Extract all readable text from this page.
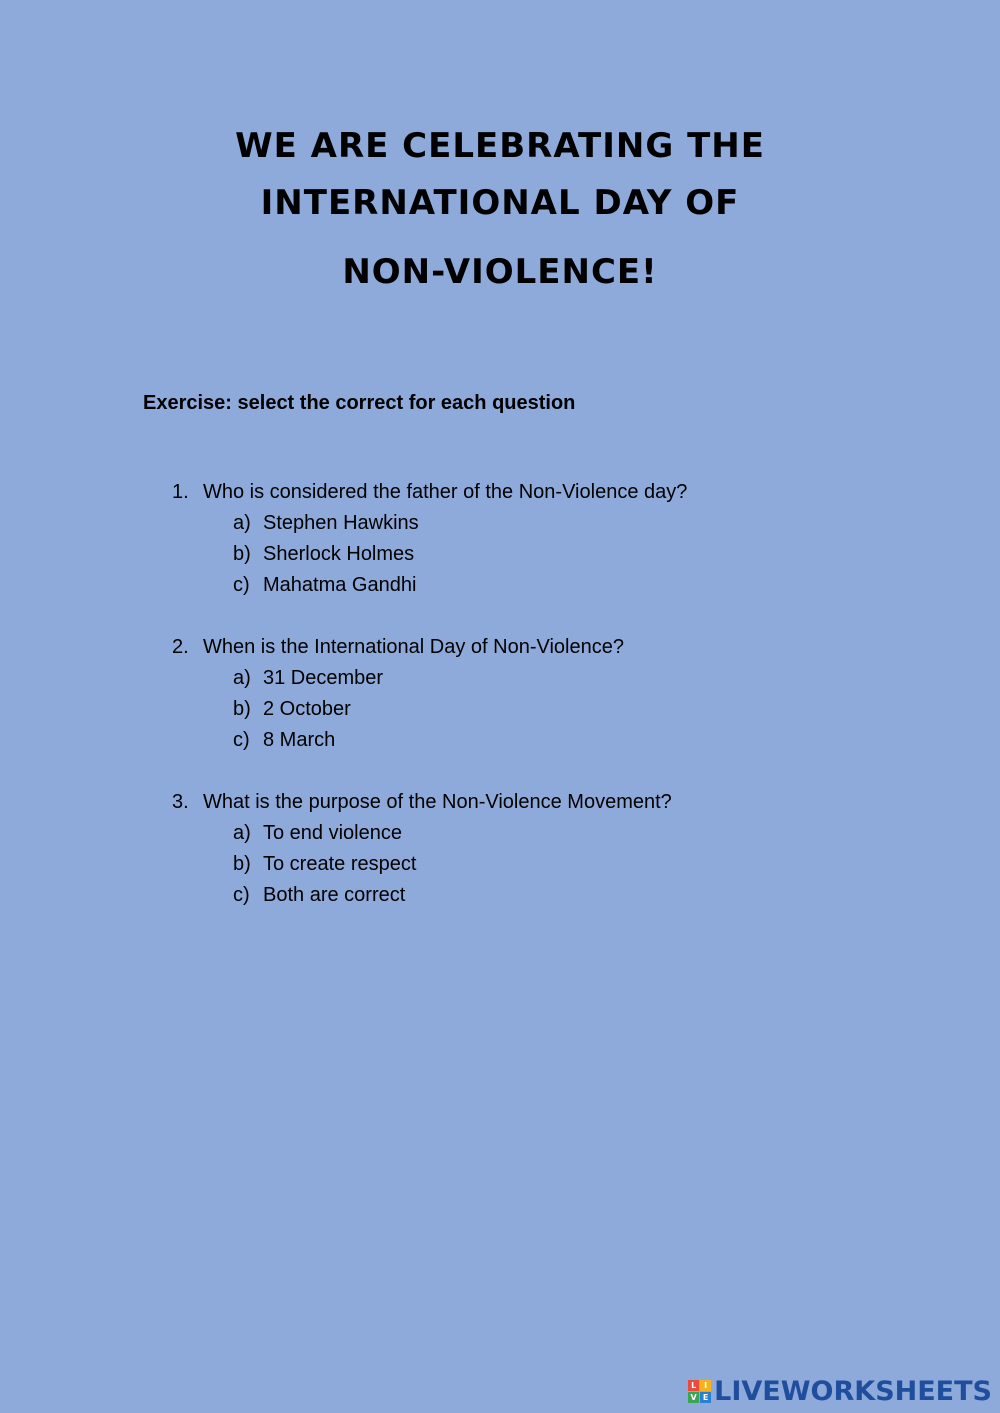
WE ARE CELEBRATING THE
INTERNATIONAL DAY OF
NON-VIOLENCE!

Exercise: select the correct for each question

1. Who is considered the father of the Non-Violence day?
a) Stephen Hawkins
b) Sherlock Holmes
c) Mahatma Gandhi
2. When is the International Day of Non-Violence?
a) 31 December
b) 2 October
c) 8 March
3. What is the purpose of the Non-Violence Movement?
a) To end violence
b) To create respect
c) Both are correct
L I
V E LIVEWORKSHEETS
